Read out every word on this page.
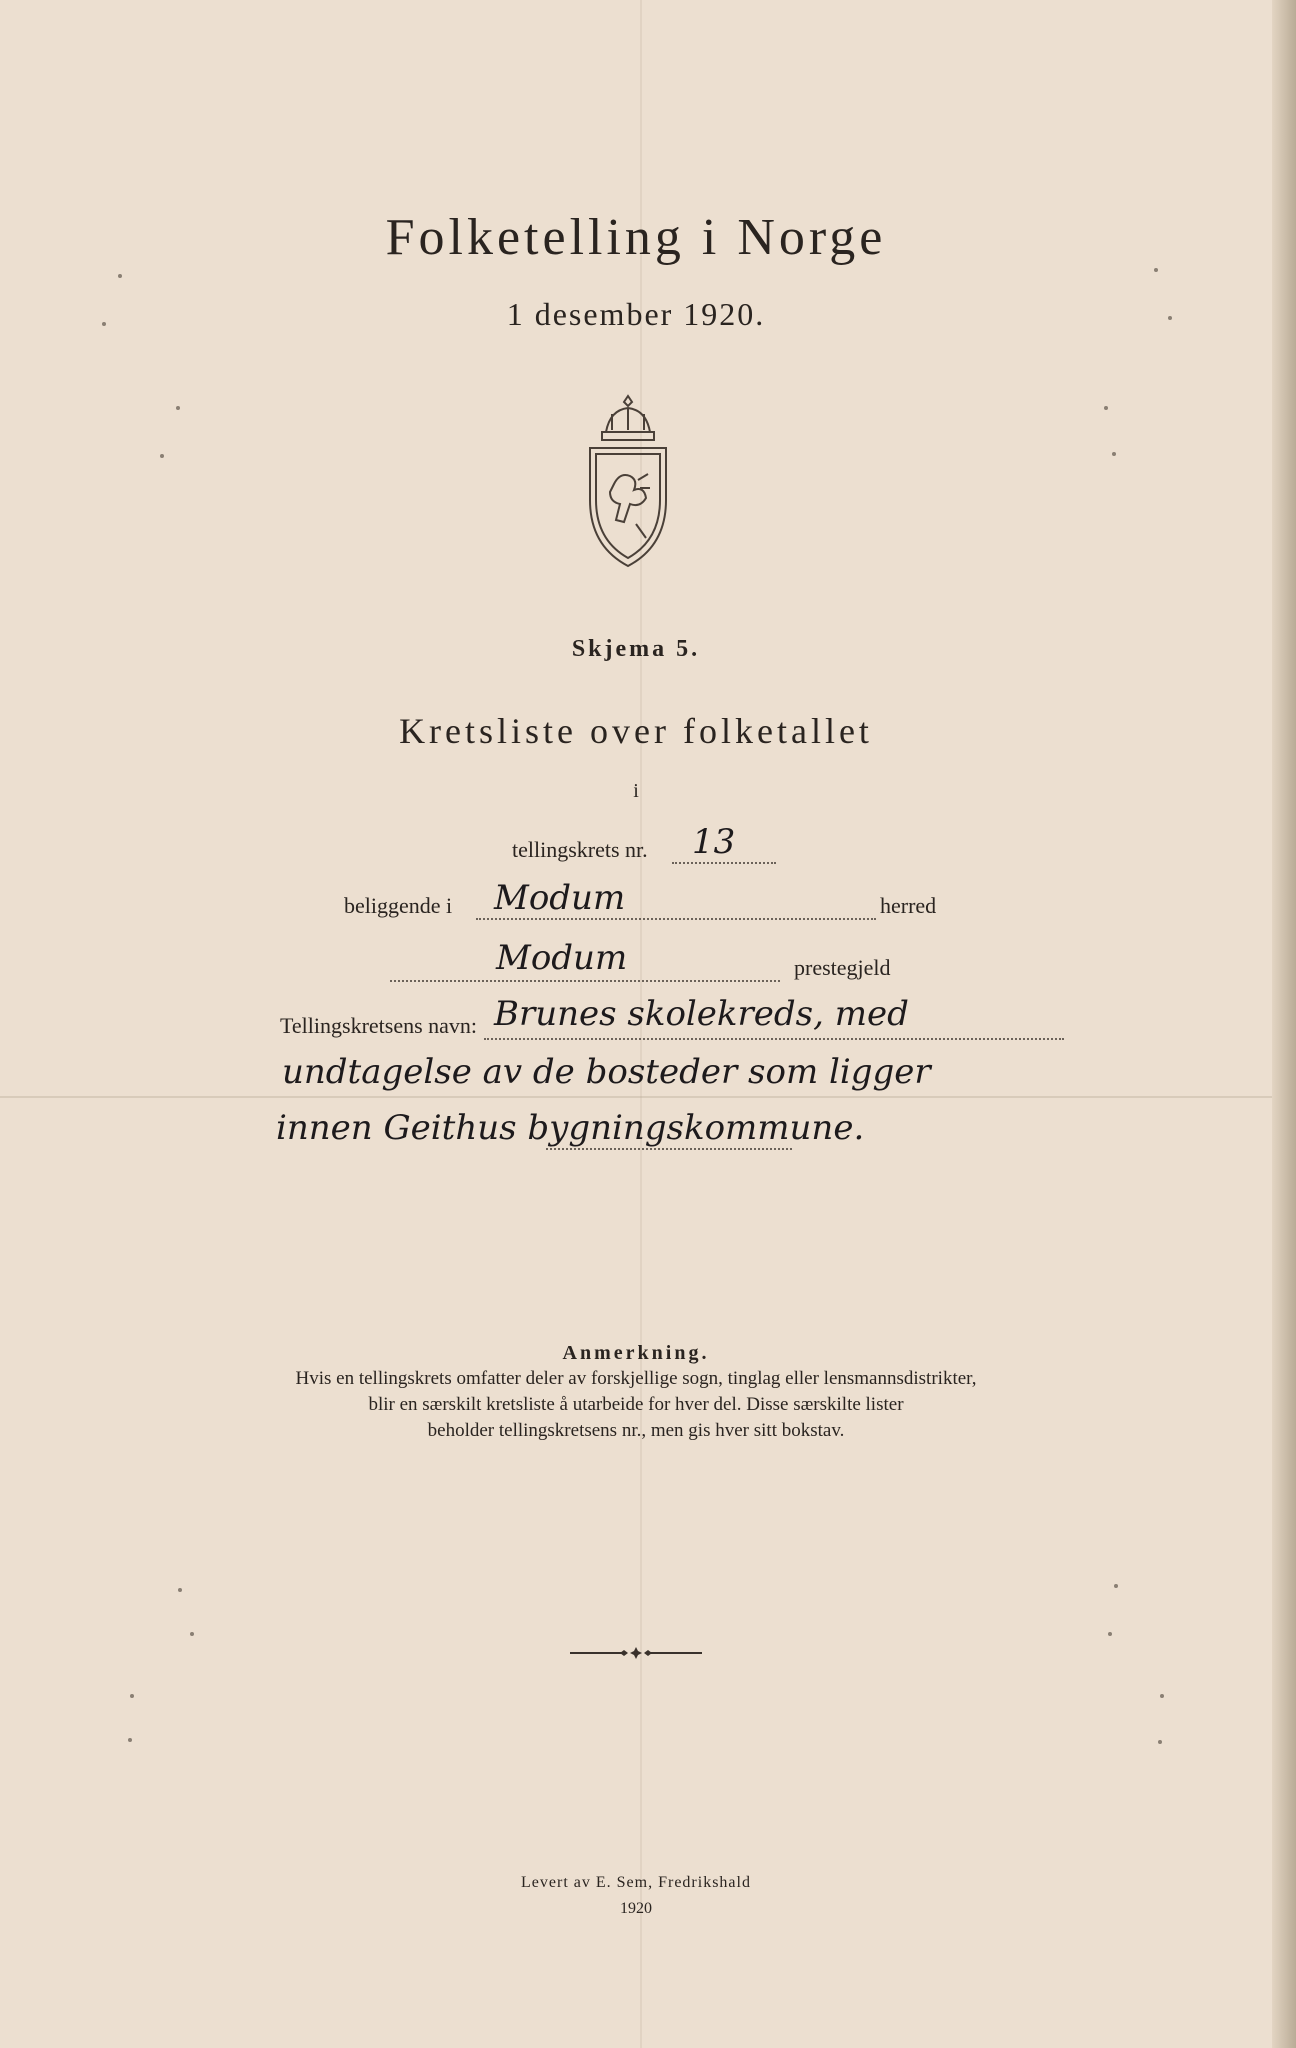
Folketelling i Norge
1 desember 1920.
Skjema 5.
Kretsliste over folketallet
i
tellingskrets nr. 13
beliggende i Modum	herred
Modum	prestegjeld
Tellingskretsens navn: Brunes skolekreds, med
undtagelse av de bosteder som ligger
innen Geithus bygningskommune.
Anmerkning.
Hvis en tellingskrets omfatter deler av forskjellige sogn, tinglag eller lensmannsdistrikter,
blir en særskilt kretsliste å utarbeide for hver del. Disse særskilte lister
beholder tellingskretsens nr., men gis hver sitt bokstav.
Levert av E. Sem, Fredrikshald
1920
